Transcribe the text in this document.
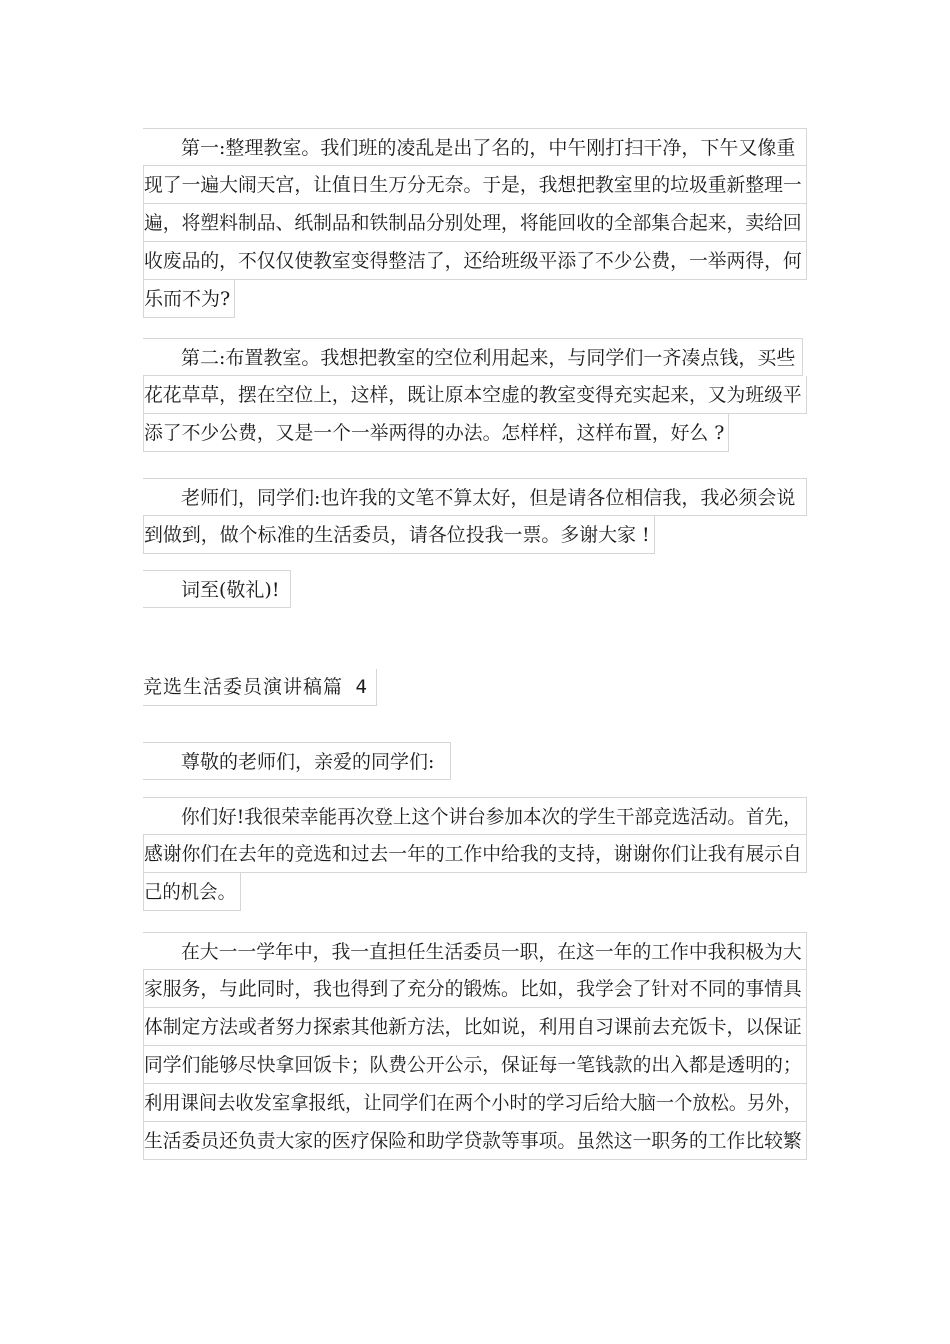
第一:整理教室。我们班的凌乱是出了名的，中午刚打扫干净，下午又像重
现了一遍大闹天宫，让值日生万分无奈。于是，我想把教室里的垃圾重新整理一
遍，将塑料制品、纸制品和铁制品分别处理，将能回收的全部集合起来，卖给回
收废品的，不仅仅使教室变得整洁了，还给班级平添了不少公费，一举两得，何
乐而不为?
第二:布置教室。我想把教室的空位利用起来，与同学们一齐凑点钱，买些
花花草草，摆在空位上，这样，既让原本空虚的教室变得充实起来，又为班级平
添了不少公费，又是一个一举两得的办法。怎样样，这样布置，好么 ?
老师们，同学们:也许我的文笔不算太好，但是请各位相信我，我必须会说
到做到，做个标准的生活委员，请各位投我一票。多谢大家 !
词至(敬礼)!
竞选生活委员演讲稿篇 4
尊敬的老师们，亲爱的同学们:
你们好!我很荣幸能再次登上这个讲台参加本次的学生干部竞选活动。首先，
感谢你们在去年的竞选和过去一年的工作中给我的支持，谢谢你们让我有展示自
己的机会。
在大一一学年中，我一直担任生活委员一职，在这一年的工作中我积极为大
家服务，与此同时，我也得到了充分的锻炼。比如，我学会了针对不同的事情具
体制定方法或者努力探索其他新方法，比如说，利用自习课前去充饭卡，以保证
同学们能够尽快拿回饭卡；队费公开公示，保证每一笔钱款的出入都是透明的；
利用课间去收发室拿报纸，让同学们在两个小时的学习后给大脑一个放松。另外，
生活委员还负责大家的医疗保险和助学贷款等事项。虽然这一职务的工作比较繁
